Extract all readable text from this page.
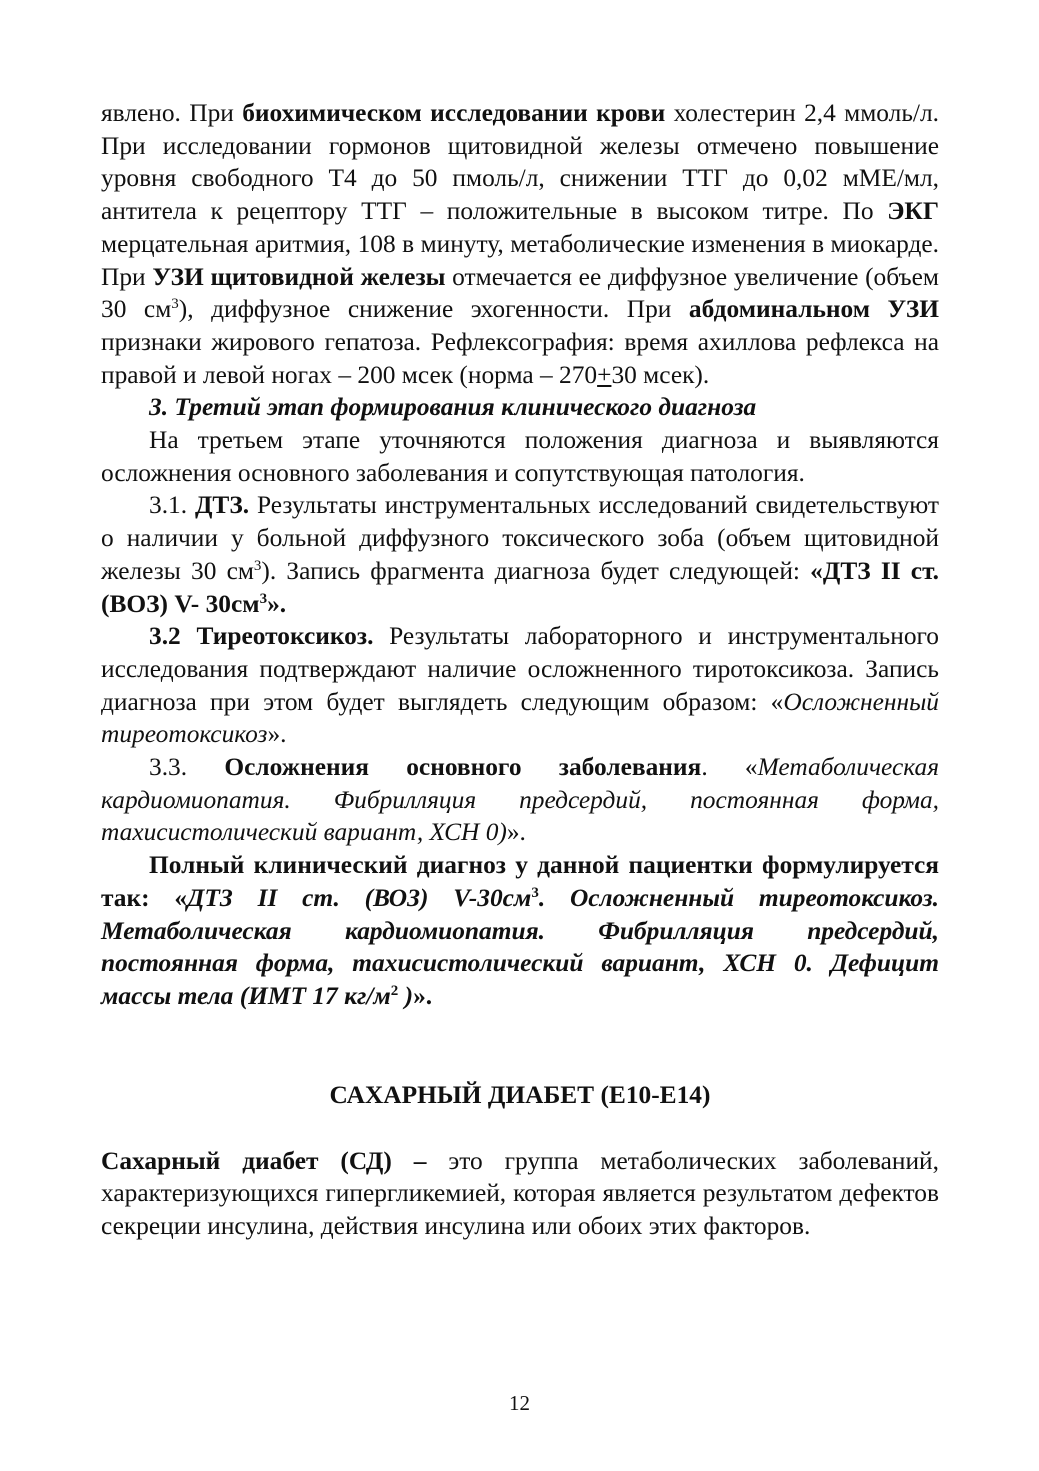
явлено. При биохимическом исследовании крови холестерин 2,4 ммоль/л. При исследовании гормонов щитовидной железы отмечено повышение уровня свободного Т4 до 50 пмоль/л, снижении ТТГ до 0,02 мМЕ/мл, антитела к рецептору ТТГ – положительные в высоком титре. По ЭКГ мерцательная аритмия, 108 в минуту, метаболические изменения в миокарде. При УЗИ щитовидной железы отмечается ее диффузное увеличение (объем 30 $см^3$), диффузное снижение эхогенности. При абдоминальном УЗИ признаки жирового гепатоза. Рефлексография: время ахиллова рефлекса на правой и левой ногах – 200 мсек (норма – 270+30 мсек).

3. Третий этап формирования клинического диагноза

На третьем этапе уточняются положения диагноза и выявляются осложнения основного заболевания и сопутствующая патология.

3.1. ДТЗ. Результаты инструментальных исследований свидетельствуют о наличии у больной диффузного токсического зоба (объем щитовидной железы 30 $см^3$). Запись фрагмента диагноза будет следующей: «ДТЗ II ст. (ВОЗ) V- $30см^3$».

3.2 Тиреотоксикоз. Результаты лабораторного и инструментального исследования подтверждают наличие осложненного тиротоксикоза. Запись диагноза при этом будет выглядеть следующим образом: «Осложненный тиреотоксикоз».

3.3. Осложнения основного заболевания. «Метаболическая кардиомиопатия. Фибрилляция предсердий, постоянная форма, тахисистолический вариант, ХСН 0)».

Полный клинический диагноз у данной пациентки формулируется так: «ДТЗ II ст. (ВОЗ) $V-30см^3$. Осложненный тиреотоксикоз. Метаболическая кардиомиопатия. Фибрилляция предсердий, постоянная форма, тахисистолический вариант, ХСН 0. Дефицит массы тела (ИМТ 17 $кг/м^2$ )».

САХАРНЫЙ ДИАБЕТ (Е10-Е14)

Сахарный диабет (СД) – это группа метаболических заболеваний, характеризующихся гипергликемией, которая является результатом дефектов секреции инсулина, действия инсулина или обоих этих факторов.

12
